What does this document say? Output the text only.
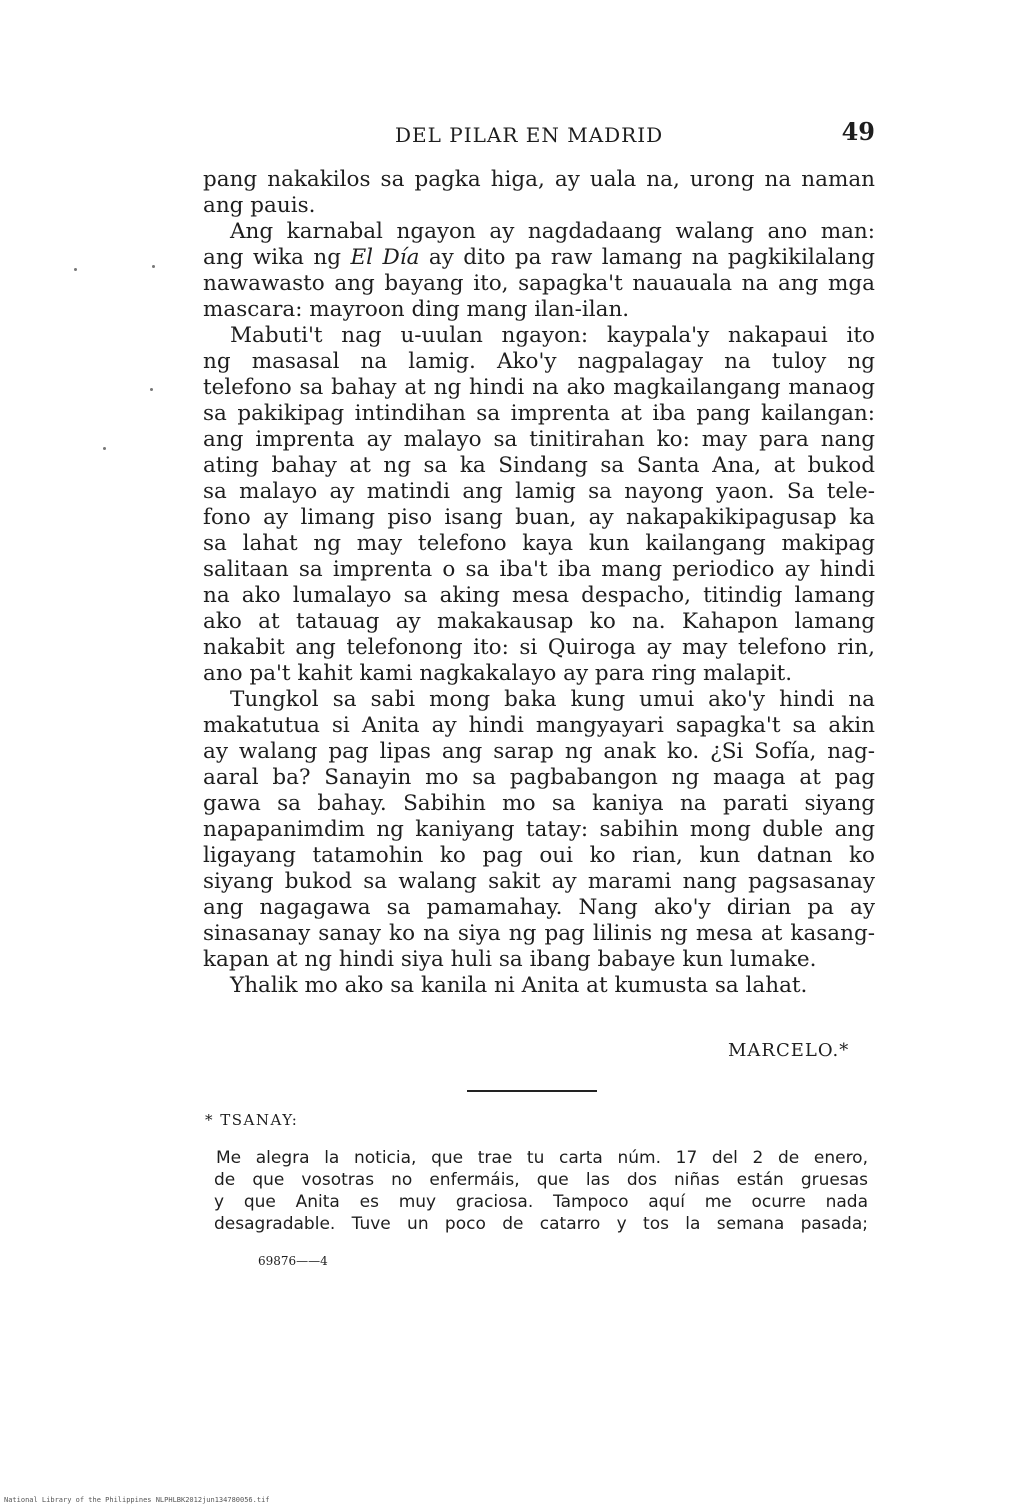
DEL PILAR EN MADRID	49
pang nakakilos sa pagka higa, ay uala na, urong na naman
ang pauis.
Ang karnabal ngayon ay nagdadaang walang ano man:
ang wika ng El Día ay dito pa raw lamang na pagkikilalang
nawawasto ang bayang ito, sapagka't nauauala na ang mga
mascara: mayroon ding mang ilan-ilan.
Mabuti't nag u-uulan ngayon: kaypala'y nakapaui ito
ng masasal na lamig. Ako'y nagpalagay na tuloy ng
telefono sa bahay at ng hindi na ako magkailangang manaog
sa pakikipag intindihan sa imprenta at iba pang kailangan:
ang imprenta ay malayo sa tinitirahan ko: may para nang
ating bahay at ng sa ka Sindang sa Santa Ana, at bukod
sa malayo ay matindi ang lamig sa nayong yaon. Sa tele-
fono ay limang piso isang buan, ay nakapakikipagusap ka
sa lahat ng may telefono kaya kun kailangang makipag
salitaan sa imprenta o sa iba't iba mang periodico ay hindi
na ako lumalayo sa aking mesa despacho, titindig lamang
ako at tatauag ay makakausap ko na. Kahapon lamang
nakabit ang telefonong ito: si Quiroga ay may telefono rin,
ano pa't kahit kami nagkakalayo ay para ring malapit.
Tungkol sa sabi mong baka kung umui ako'y hindi na
makatutua si Anita ay hindi mangyayari sapagka't sa akin
ay walang pag lipas ang sarap ng anak ko. ¿Si Sofía, nag-
aaral ba? Sanayin mo sa pagbabangon ng maaga at pag
gawa sa bahay. Sabihin mo sa kaniya na parati siyang
napapanimdim ng kaniyang tatay: sabihin mong duble ang
ligayang tatamohin ko pag oui ko rian, kun datnan ko
siyang bukod sa walang sakit ay marami nang pagsasanay
ang nagagawa sa pamamahay. Nang ako'y dirian pa ay
sinasanay sanay ko na siya ng pag lilinis ng mesa at kasang-
kapan at ng hindi siya huli sa ibang babaye kun lumake.
Yhalik mo ako sa kanila ni Anita at kumusta sa lahat.
MARCELO.*
* TSANAY:
Me alegra la noticia, que trae tu carta núm. 17 del 2 de enero,
de que vosotras no enfermáis, que las dos niñas están gruesas
y que Anita es muy graciosa. Tampoco aquí me ocurre nada
desagradable. Tuve un poco de catarro y tos la semana pasada;
69876——4
National Library of the Philippines NLPHLBK2012jun134780056.tif
